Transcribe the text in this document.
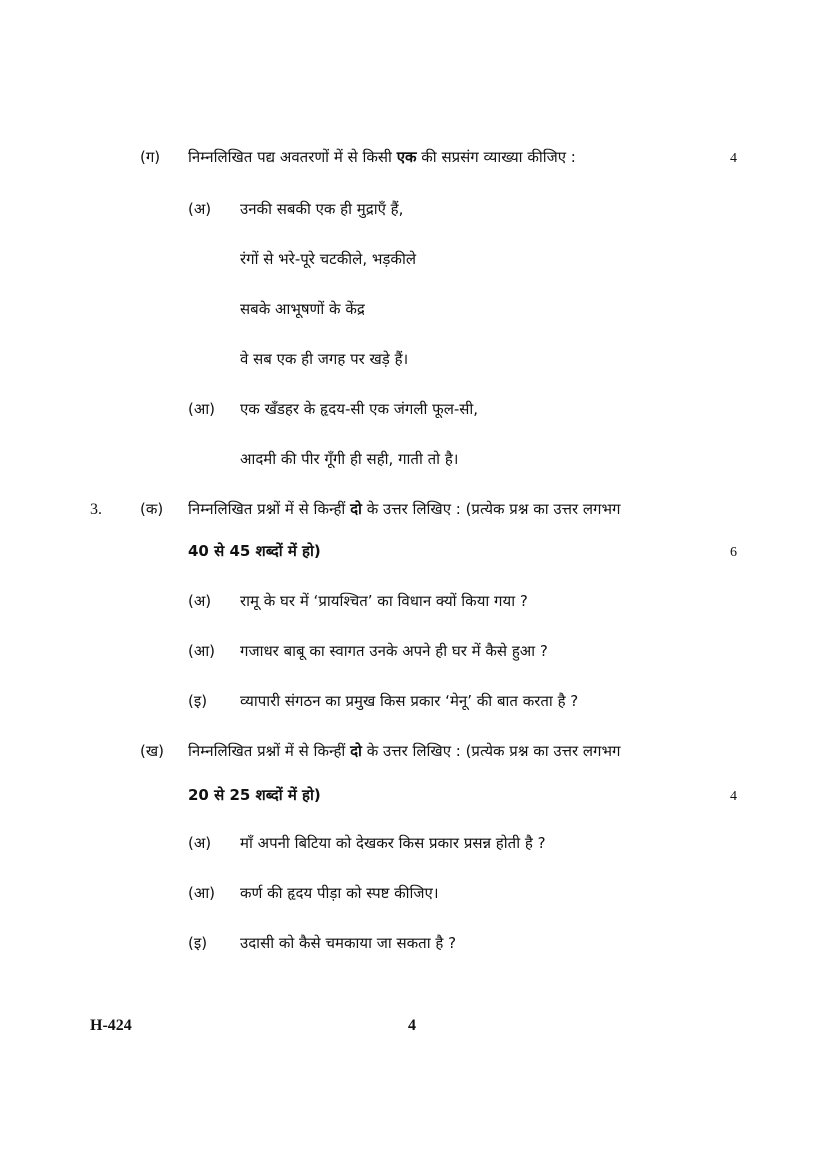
(ग) निम्नलिखित पद्य अवतरणों में से किसी एक की सप्रसंग व्याख्या कीजिए :	4
(अ) उनकी सबकी एक ही मुद्राएँ हैं,
रंगों से भरे-पूरे चटकीले, भड़कीले
सबके आभूषणों के केंद्र
वे सब एक ही जगह पर खड़े हैं।
(आ) एक खँडहर के हृदय-सी एक जंगली फूल-सी,
आदमी की पीर गूँगी ही सही, गाती तो है।
3.	(क) निम्नलिखित प्रश्नों में से किन्हीं दो के उत्तर लिखिए : (प्रत्येक प्रश्न का उत्तर लगभग
40 से 45 शब्दों में हो)	6
(अ) रामू के घर में ‘प्रायश्चित’ का विधान क्यों किया गया ?
(आ) गजाधर बाबू का स्वागत उनके अपने ही घर में कैसे हुआ ?
(इ) व्यापारी संगठन का प्रमुख किस प्रकार ‘मेनू’ की बात करता है ?
(ख) निम्नलिखित प्रश्नों में से किन्हीं दो के उत्तर लिखिए : (प्रत्येक प्रश्न का उत्तर लगभग
20 से 25 शब्दों में हो)	4
(अ) माँ अपनी बिटिया को देखकर किस प्रकार प्रसन्न होती है ?
(आ) कर्ण की हृदय पीड़ा को स्पष्ट कीजिए।
(इ) उदासी को कैसे चमकाया जा सकता है ?
H-424	4
